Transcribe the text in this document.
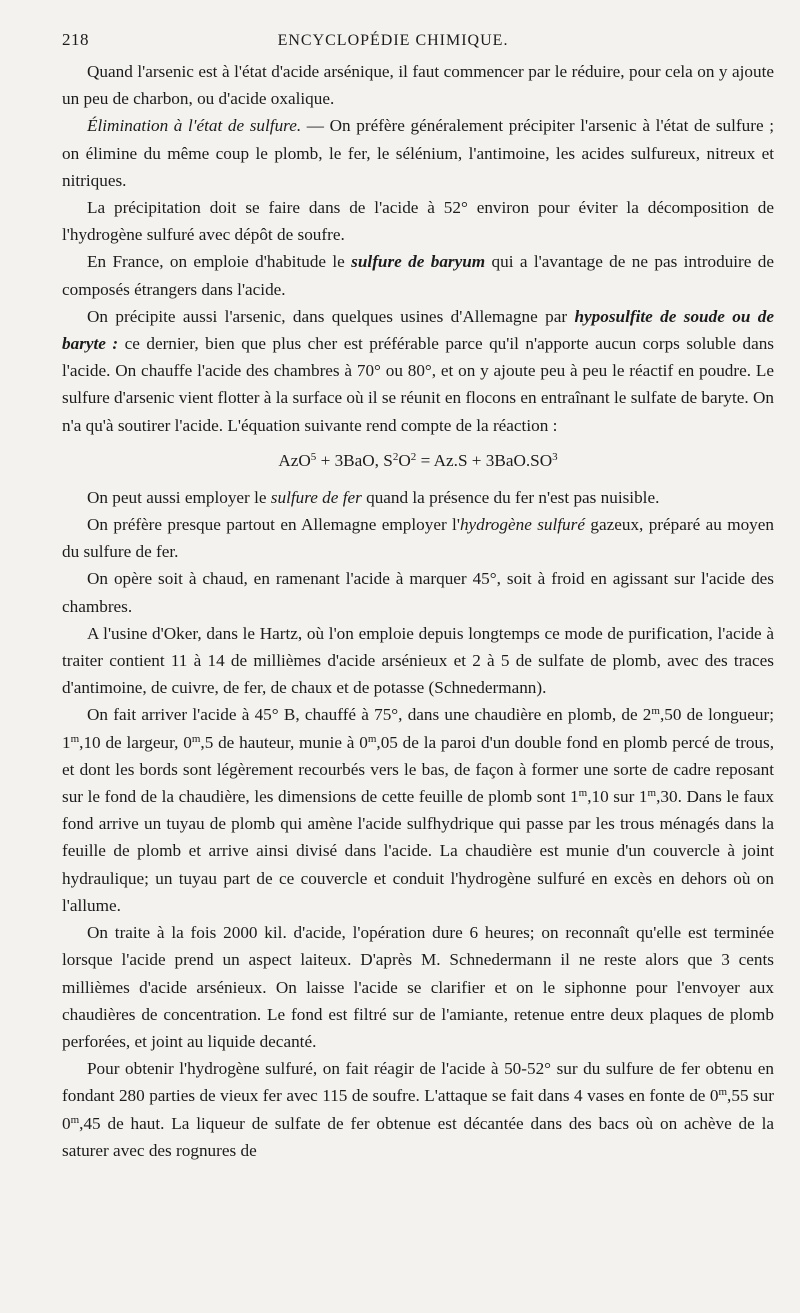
218	ENCYCLOPÉDIE CHIMIQUE.

Quand l'arsenic est à l'état d'acide arsénique, il faut commencer par le réduire, pour cela on y ajoute un peu de charbon, ou d'acide oxalique.

Élimination à l'état de sulfure. — On préfère généralement précipiter l'arsenic à l'état de sulfure ; on élimine du même coup le plomb, le fer, le sélénium, l'antimoine, les acides sulfureux, nitreux et nitriques.

La précipitation doit se faire dans de l'acide à 52° environ pour éviter la décomposition de l'hydrogène sulfuré avec dépôt de soufre.

En France, on emploie d'habitude le sulfure de baryum qui a l'avantage de ne pas introduire de composés étrangers dans l'acide.

On précipite aussi l'arsenic, dans quelques usines d'Allemagne par hyposulfite de soude ou de baryte : ce dernier, bien que plus cher est préférable parce qu'il n'apporte aucun corps soluble dans l'acide. On chauffe l'acide des chambres à 70° ou 80°, et on y ajoute peu à peu le réactif en poudre. Le sulfure d'arsenic vient flotter à la surface où il se réunit en flocons en entraînant le sulfate de baryte. On n'a qu'à soutirer l'acide. L'équation suivante rend compte de la réaction :

AzO$^5$ + 3BaO, $S^2O^2 = Az.S + 3BaO.SO^3$

On peut aussi employer le sulfure de fer quand la présence du fer n'est pas nuisible.

On préfère presque partout en Allemagne employer l'hydrogène sulfuré gazeux, préparé au moyen du sulfure de fer.

On opère soit à chaud, en ramenant l'acide à marquer 45°, soit à froid en agissant sur l'acide des chambres.

A l'usine d'Oker, dans le Hartz, où l'on emploie depuis longtemps ce mode de purification, l'acide à traiter contient 11 à 14 de millièmes d'acide arsénieux et 2 à 5 de sulfate de plomb, avec des traces d'antimoine, de cuivre, de fer, de chaux et de potasse (Schnedermann).

On fait arriver l'acide à 45° B, chauffé à 75°, dans une chaudière en plomb, de 2$^m$,50 de longueur; 1$^m$,10 de largeur, 0$^m$,5 de hauteur, munie à 0$^m$,05 de la paroi d'un double fond en plomb percé de trous, et dont les bords sont légèrement recourbés vers le bas, de façon à former une sorte de cadre reposant sur le fond de la chaudière, les dimensions de cette feuille de plomb sont 1$^m$,10 sur 1$^m$,30. Dans le faux fond arrive un tuyau de plomb qui amène l'acide sulfhydrique qui passe par les trous ménagés dans la feuille de plomb et arrive ainsi divisé dans l'acide. La chaudière est munie d'un couvercle à joint hydraulique; un tuyau part de ce couvercle et conduit l'hydrogène sulfuré en excès en dehors où on l'allume.

On traite à la fois 2000 kil. d'acide, l'opération dure 6 heures; on reconnaît qu'elle est terminée lorsque l'acide prend un aspect laiteux. D'après M. Schnedermann il ne reste alors que 3 cents millièmes d'acide arsénieux. On laisse l'acide se clarifier et on le siphonne pour l'envoyer aux chaudières de concentration. Le fond est filtré sur de l'amiante, retenue entre deux plaques de plomb perforées, et joint au liquide decanté.

Pour obtenir l'hydrogène sulfuré, on fait réagir de l'acide à 50-52° sur du sulfure de fer obtenu en fondant 280 parties de vieux fer avec 115 de soufre. L'attaque se fait dans 4 vases en fonte de 0$^m$,55 sur 0$^m$,45 de haut. La liqueur de sulfate de fer obtenue est décantée dans des bacs où on achève de la saturer avec des rognures de
